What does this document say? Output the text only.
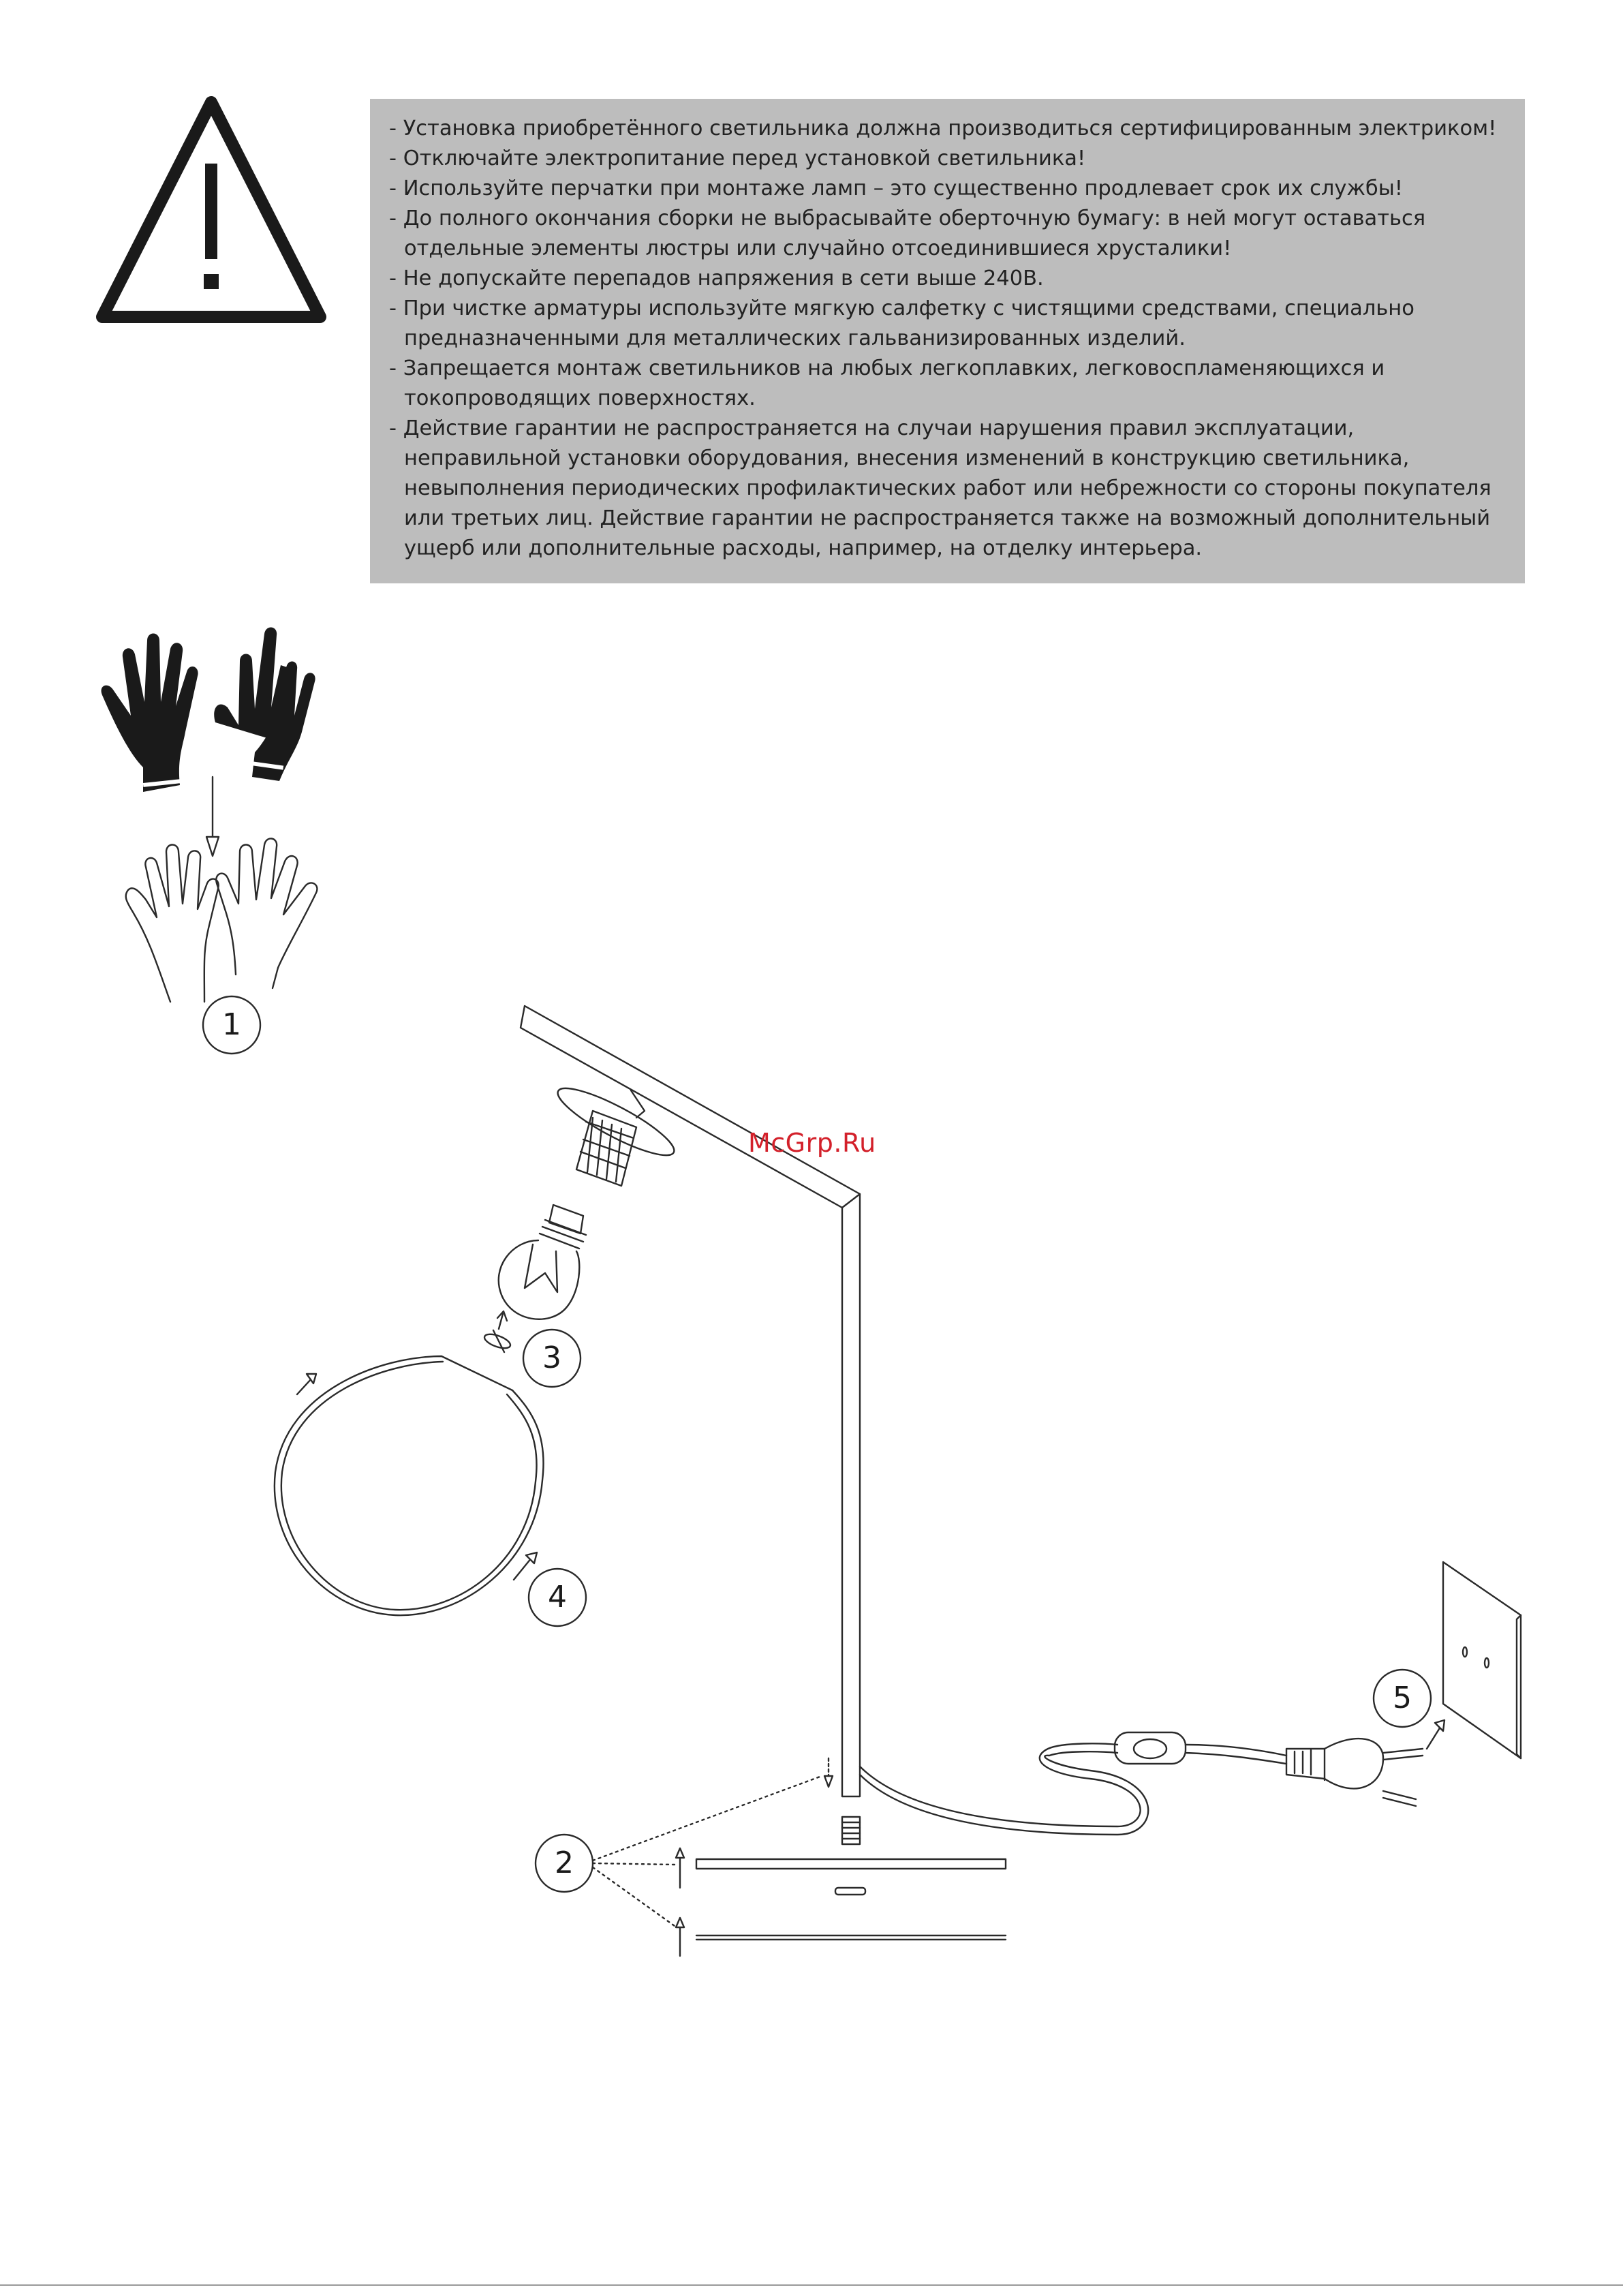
- Установка приобретённого светильника должна производиться сертифицированным электриком!
- Отключайте электропитание перед установкой светильника!
- Используйте перчатки при монтаже ламп – это существенно продлевает срок их службы!
- До полного окончания сборки не выбрасывайте оберточную бумагу: в ней могут оставаться отдельные элементы люстры или случайно отсоединившиеся хрусталики!
- Не допускайте перепадов напряжения в сети выше 240В.
- При чистке арматуры используйте мягкую салфетку с чистящими средствами, специально предназначенными для металлических гальванизированных изделий.
- Запрещается монтаж светильников на любых легкоплавких, легковоспламеняющихся и токопроводящих поверхностях.
- Действие гарантии не распространяется на случаи нарушения правил эксплуатации, неправильной установки оборудования, внесения изменений в конструкцию светильника, невыполнения периодических профилактических работ или небрежности со стороны покупателя или третьих лиц. Действие гарантии не распространяется также на возможный дополнительный ущерб или дополнительные расходы, например, на отделку интерьера.
1
2
3
4
5
McGrp.Ru
